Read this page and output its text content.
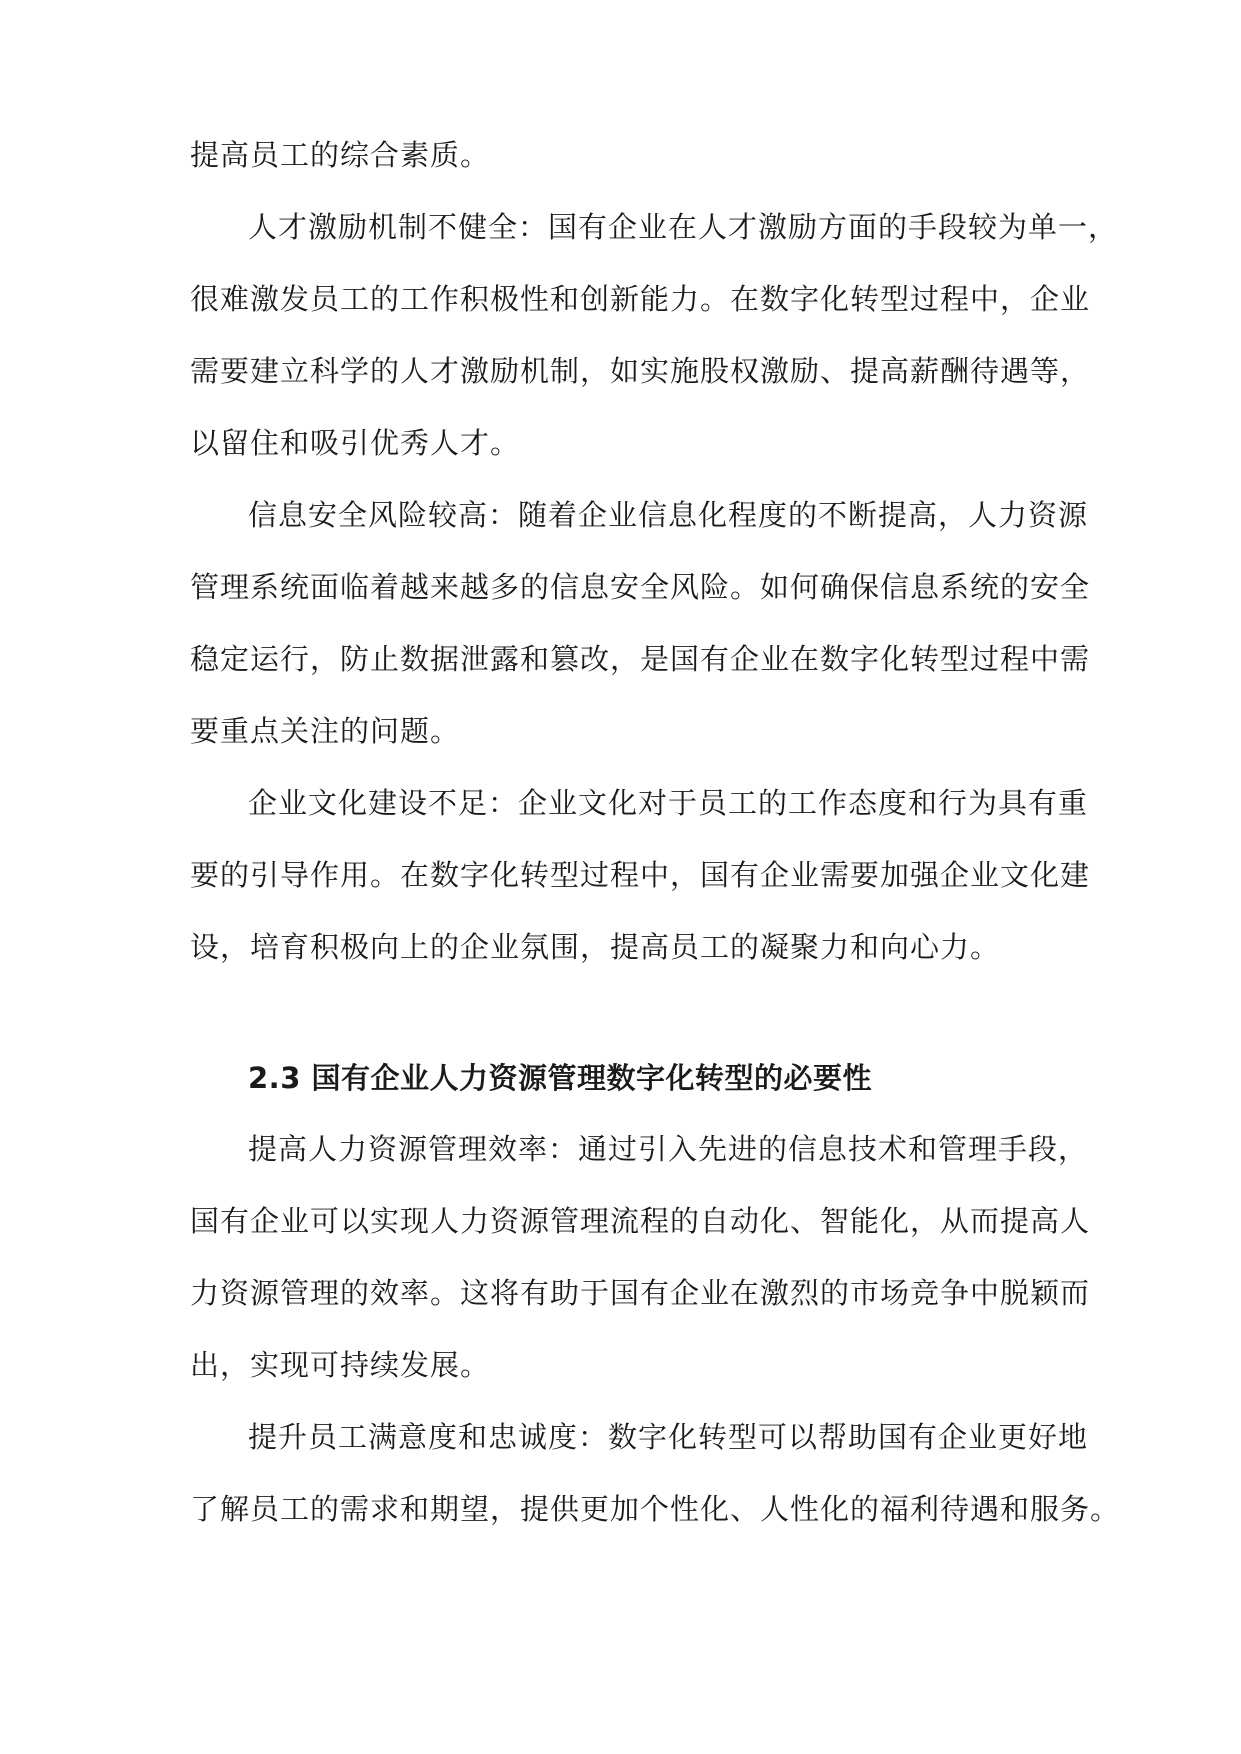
提高员工的综合素质。
人才激励机制不健全：国有企业在人才激励方面的手段较为单一，
很难激发员工的工作积极性和创新能力。在数字化转型过程中，企业
需要建立科学的人才激励机制，如实施股权激励、提高薪酬待遇等，
以留住和吸引优秀人才。
信息安全风险较高：随着企业信息化程度的不断提高，人力资源
管理系统面临着越来越多的信息安全风险。如何确保信息系统的安全
稳定运行，防止数据泄露和篡改，是国有企业在数字化转型过程中需
要重点关注的问题。
企业文化建设不足：企业文化对于员工的工作态度和行为具有重
要的引导作用。在数字化转型过程中，国有企业需要加强企业文化建
设，培育积极向上的企业氛围，提高员工的凝聚力和向心力。
2.3 国有企业人力资源管理数字化转型的必要性
提高人力资源管理效率：通过引入先进的信息技术和管理手段，
国有企业可以实现人力资源管理流程的自动化、智能化，从而提高人
力资源管理的效率。这将有助于国有企业在激烈的市场竞争中脱颖而
出，实现可持续发展。
提升员工满意度和忠诚度：数字化转型可以帮助国有企业更好地
了解员工的需求和期望，提供更加个性化、人性化的福利待遇和服务。
